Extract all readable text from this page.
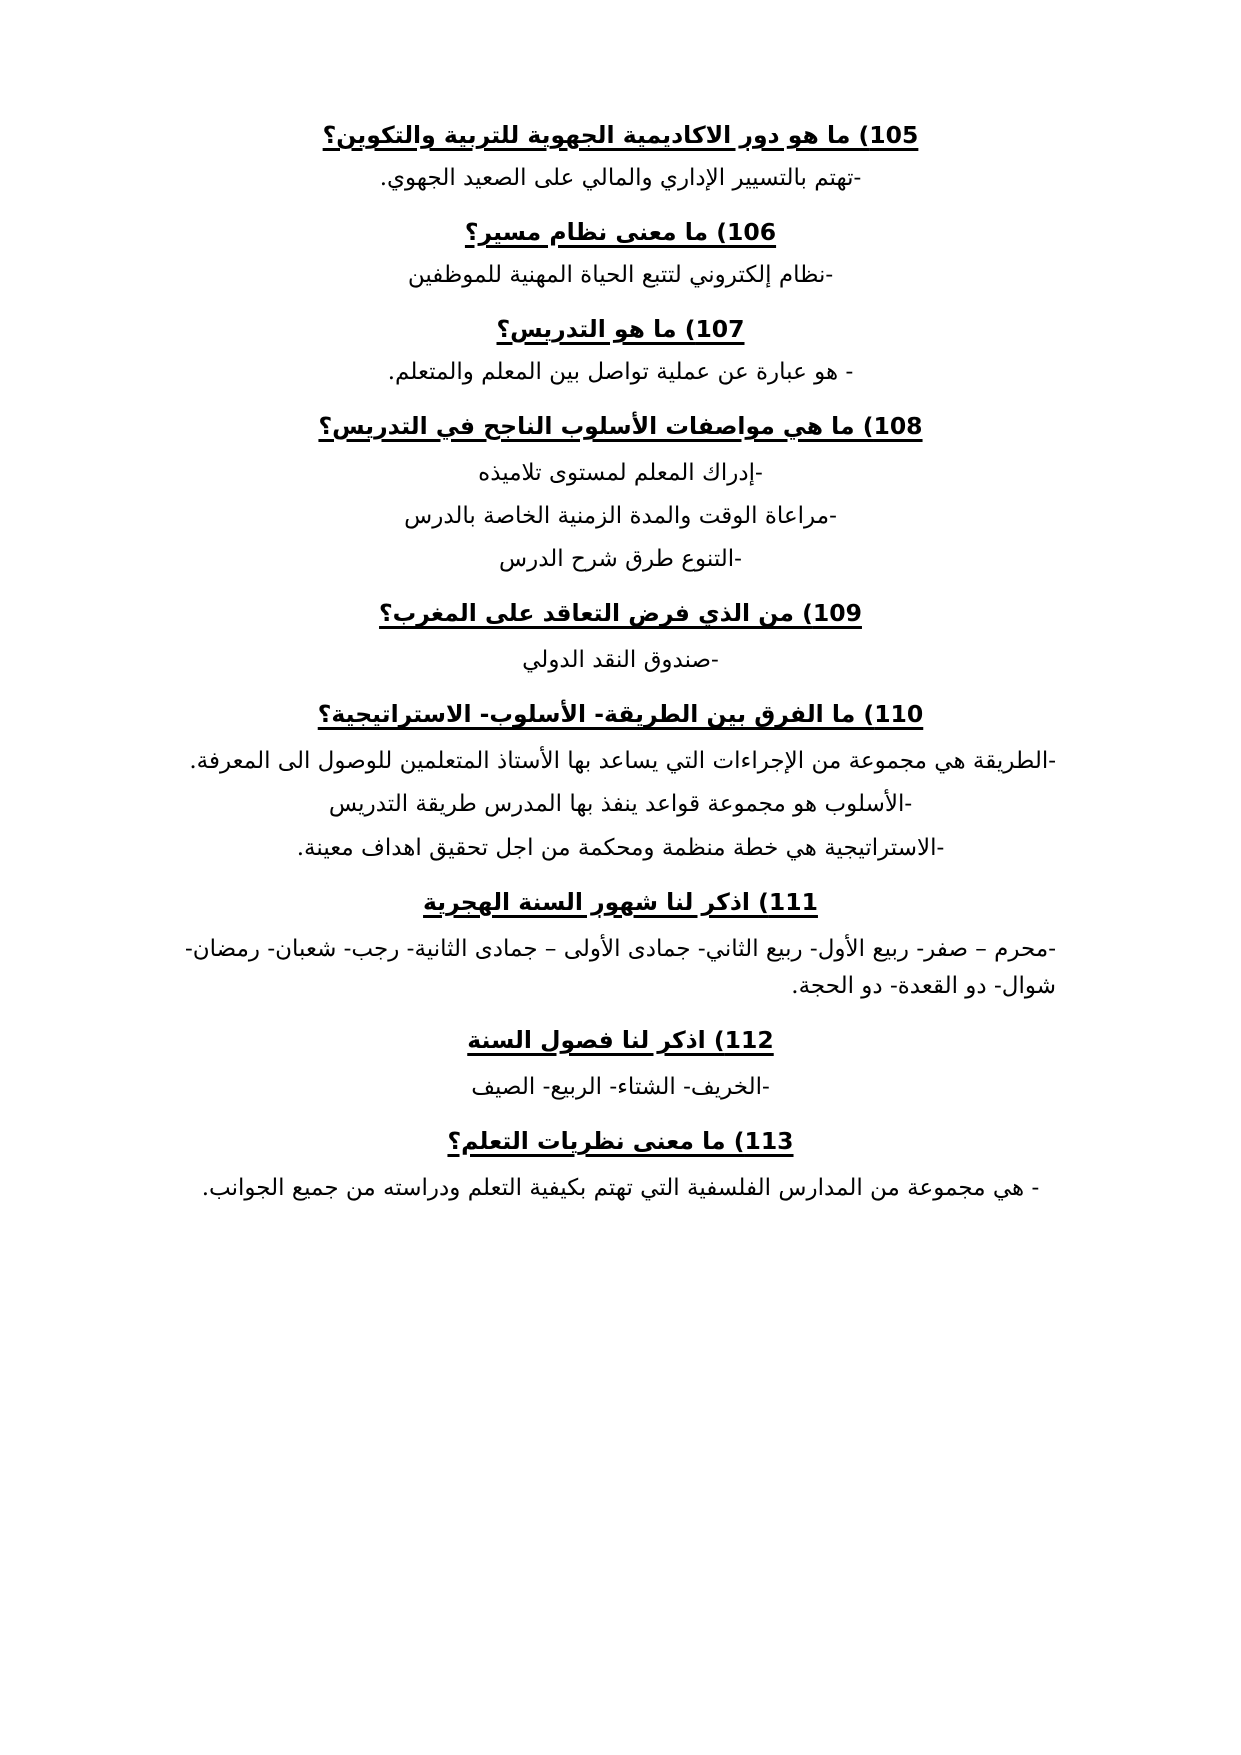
105) ما هو دور الاكاديمية الجهوية للتربية والتكوين؟

-تهتم بالتسيير الإداري والمالي على الصعيد الجهوي.

106) ما معنى نظام مسير؟

-نظام إلكتروني لتتبع الحياة المهنية للموظفين

107) ما هو التدريس؟

- هو عبارة عن عملية تواصل بين المعلم والمتعلم.

108) ما هي مواصفات الأسلوب الناجح في التدريس؟

-إدراك المعلم لمستوى تلاميذه

-مراعاة الوقت والمدة الزمنية الخاصة بالدرس

-التنوع طرق شرح الدرس

109) من الذي فرض التعاقد على المغرب؟

-صندوق النقد الدولي

110) ما الفرق بين الطريقة- الأسلوب- الاستراتيجية؟

-الطريقة هي مجموعة من الإجراءات التي يساعد بها الأستاذ المتعلمين للوصول الى المعرفة.

-الأسلوب هو مجموعة قواعد ينفذ بها المدرس طريقة التدريس

-الاستراتيجية هي خطة منظمة ومحكمة من اجل تحقيق اهداف معينة.

111) اذكر لنا شهور السنة الهجرية

-محرم – صفر- ربيع الأول- ربيع الثاني- جمادى الأولى – جمادى الثانية- رجب- شعبان- رمضان- شوال- دو القعدة- دو الحجة.

112) اذكر لنا فصول السنة

-الخريف- الشتاء- الربيع- الصيف

113) ما معنى نظريات التعلم؟

- هي مجموعة من المدارس الفلسفية التي تهتم بكيفية التعلم ودراسته من جميع الجوانب.
